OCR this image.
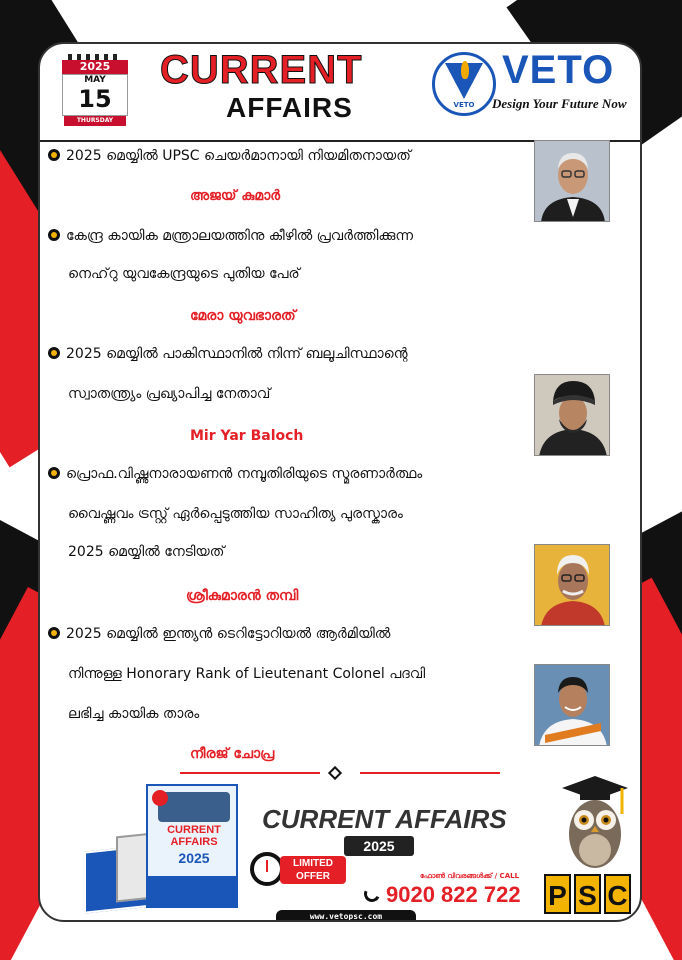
2025
MAY
15
THURSDAY
CURRENT
AFFAIRS	VETO
VETO
Design Your Future Now
2025 മെയ്യിൽ UPSC ചെയർമാനായി നിയമിതനായത്
അജയ് കുമാർ
കേന്ദ്ര കായിക മന്ത്രാലയത്തിനു കീഴിൽ പ്രവർത്തിക്കുന്ന
നെഹ്‌റു യുവകേന്ദ്രയുടെ പുതിയ പേര്
മേരാ യുവഭാരത്
2025 മെയ്യിൽ പാകിസ്ഥാനിൽ നിന്ന് ബലൂചിസ്ഥാന്റെ
സ്വാതന്ത്ര്യം പ്രഖ്യാപിച്ച നേതാവ്
Mir Yar Baloch
പ്രൊഫ.വിഷ്ണുനാരായണൻ നമ്പൂതിരിയുടെ സ്മരണാർത്ഥം
വൈഷ്ണവം ട്രസ്റ്റ് ഏർപ്പെടുത്തിയ സാഹിത്യ പുരസ്കാരം
2025 മെയ്യിൽ നേടിയത്
ശ്രീകുമാരൻ തമ്പി
2025 മെയ്യിൽ ഇന്ത്യൻ ടെറിട്ടോറിയൽ ആർമിയിൽ
നിന്നുള്ള Honorary Rank of Lieutenant Colonel പദവി
ലഭിച്ച കായിക താരം
നീരജ് ചോപ്ര
CURRENT AFFAIRS
2025
CURRENT AFFAIRS
2025
LIMITED
OFFER	ഫോൺ വിവരങ്ങൾക്ക് / CALL
9020 822 722 P S C
www.vetopsc.com
